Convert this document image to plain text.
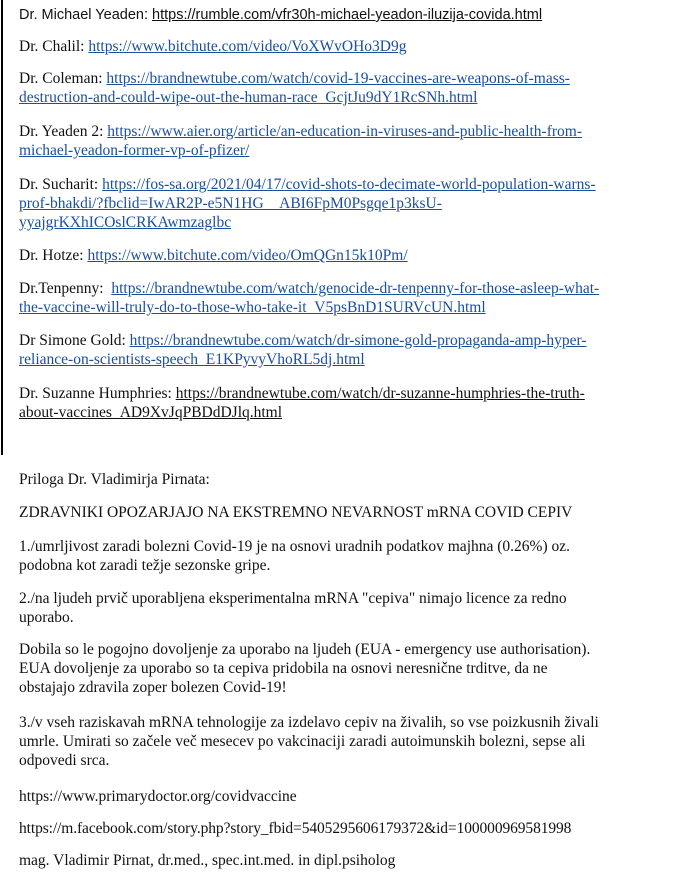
Dr. Michael Yeaden: https://rumble.com/vfr30h-michael-yeadon-iluzija-covida.html

Dr. Chalil: https://www.bitchute.com/video/VoXWvOHo3D9g

Dr. Coleman: https://brandnewtube.com/watch/covid-19-vaccines-are-weapons-of-mass-
destruction-and-could-wipe-out-the-human-race_GcjtJu9dY1RcSNh.html

Dr. Yeaden 2: https://www.aier.org/article/an-education-in-viruses-and-public-health-from-
michael-yeadon-former-vp-of-pfizer/

Dr. Sucharit: https://fos-sa.org/2021/04/17/covid-shots-to-decimate-world-population-warns-
prof-bhakdi/?fbclid=IwAR2P-e5N1HG__ABI6FpM0Psgqe1p3ksU-
yyajgrKXhICOslCRKAwmzaglbc

Dr. Hotze: https://www.bitchute.com/video/OmQGn15k10Pm/

Dr.Tenpenny:  https://brandnewtube.com/watch/genocide-dr-tenpenny-for-those-asleep-what-
the-vaccine-will-truly-do-to-those-who-take-it_V5psBnD1SURVcUN.html

Dr Simone Gold: https://brandnewtube.com/watch/dr-simone-gold-propaganda-amp-hyper-
reliance-on-scientists-speech_E1KPyvyVhoRL5dj.html

Dr. Suzanne Humphries: https://brandnewtube.com/watch/dr-suzanne-humphries-the-truth-
about-vaccines_AD9XvJqPBDdDJlq.html

Priloga Dr. Vladimirja Pirnata:

ZDRAVNIKI OPOZARJAJO NA EKSTREMNO NEVARNOST mRNA COVID CEPIV

1./umrljivost zaradi bolezni Covid-19 je na osnovi uradnih podatkov majhna (0.26%) oz.
podobna kot zaradi težje sezonske gripe.

2./na ljudeh prvič uporabljena eksperimentalna mRNA "cepiva" nimajo licence za redno
uporabo.

Dobila so le pogojno dovoljenje za uporabo na ljudeh (EUA - emergency use authorisation).
EUA dovoljenje za uporabo so ta cepiva pridobila na osnovi neresnične trditve, da ne
obstajajo zdravila zoper bolezen Covid-19!

3./v vseh raziskavah mRNA tehnologije za izdelavo cepiv na živalih, so vse poizkusnih živali
umrle. Umirati so začele več mesecev po vakcinaciji zaradi autoimunskih bolezni, sepse ali
odpovedi srca.

https://www.primarydoctor.org/covidvaccine

https://m.facebook.com/story.php?story_fbid=5405295606179372&id=100000969581998

mag. Vladimir Pirnat, dr.med., spec.int.med. in dipl.psiholog
